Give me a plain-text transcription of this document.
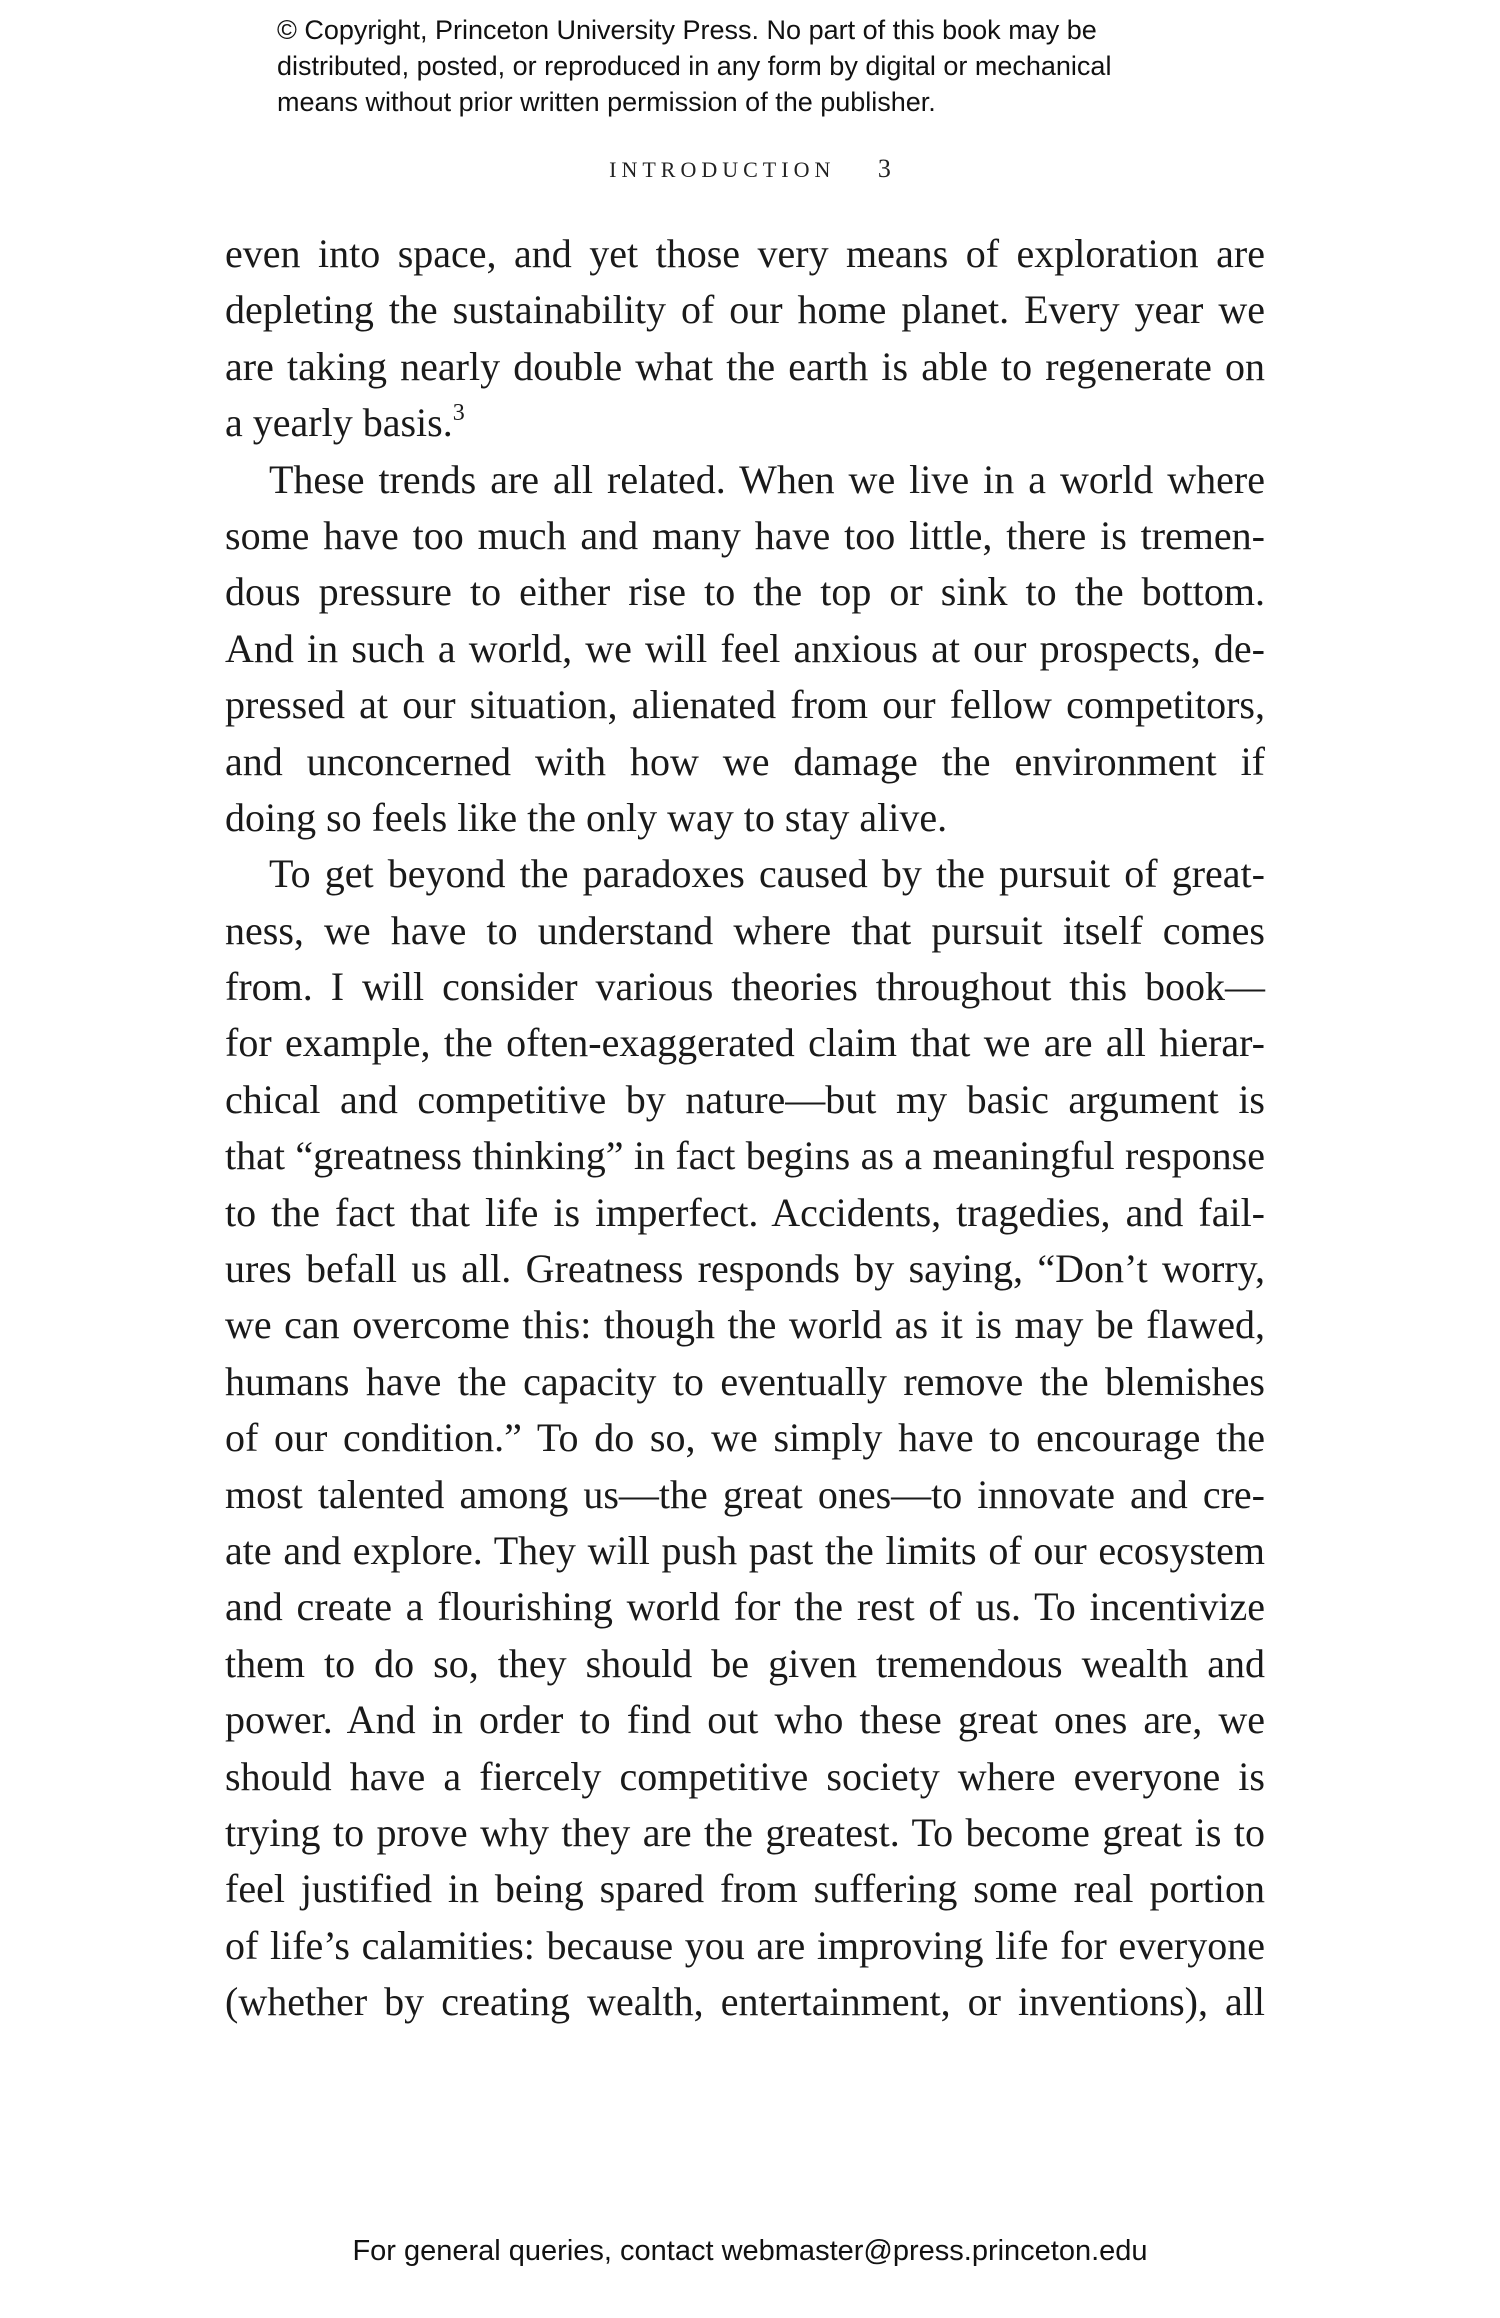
© Copyright, Princeton University Press. No part of this book may be
distributed, posted, or reproduced in any form by digital or mechanical
means without prior written permission of the publisher.
INTRODUCTION 3
even into space, and yet those very means of exploration are
depleting the sustainability of our home planet. Every year we
are taking nearly double what the earth is able to regenerate on
a yearly basis.$^3$
These trends are all related. When we live in a world where
some have too much and many have too little, there is tremen-
dous pressure to either rise to the top or sink to the bottom.
And in such a world, we will feel anxious at our prospects, de-
pressed at our situation, alienated from our fellow competitors,
and unconcerned with how we damage the environment if
doing so feels like the only way to stay alive.
To get beyond the paradoxes caused by the pursuit of great-
ness, we have to understand where that pursuit itself comes
from. I will consider various theories throughout this book—
for example, the often-exaggerated claim that we are all hierar-
chical and competitive by nature—but my basic argument is
that “greatness thinking” in fact begins as a meaningful response
to the fact that life is imperfect. Accidents, tragedies, and fail-
ures befall us all. Greatness responds by saying, “Don’t worry,
we can overcome this: though the world as it is may be flawed,
humans have the capacity to eventually remove the blemishes
of our condition.” To do so, we simply have to encourage the
most talented among us—the great ones—to innovate and cre-
ate and explore. They will push past the limits of our ecosystem
and create a flourishing world for the rest of us. To incentivize
them to do so, they should be given tremendous wealth and
power. And in order to find out who these great ones are, we
should have a fiercely competitive society where everyone is
trying to prove why they are the greatest. To become great is to
feel justified in being spared from suffering some real portion
of life’s calamities: because you are improving life for everyone
(whether by creating wealth, entertainment, or inventions), all
For general queries, contact webmaster@press.princeton.edu
